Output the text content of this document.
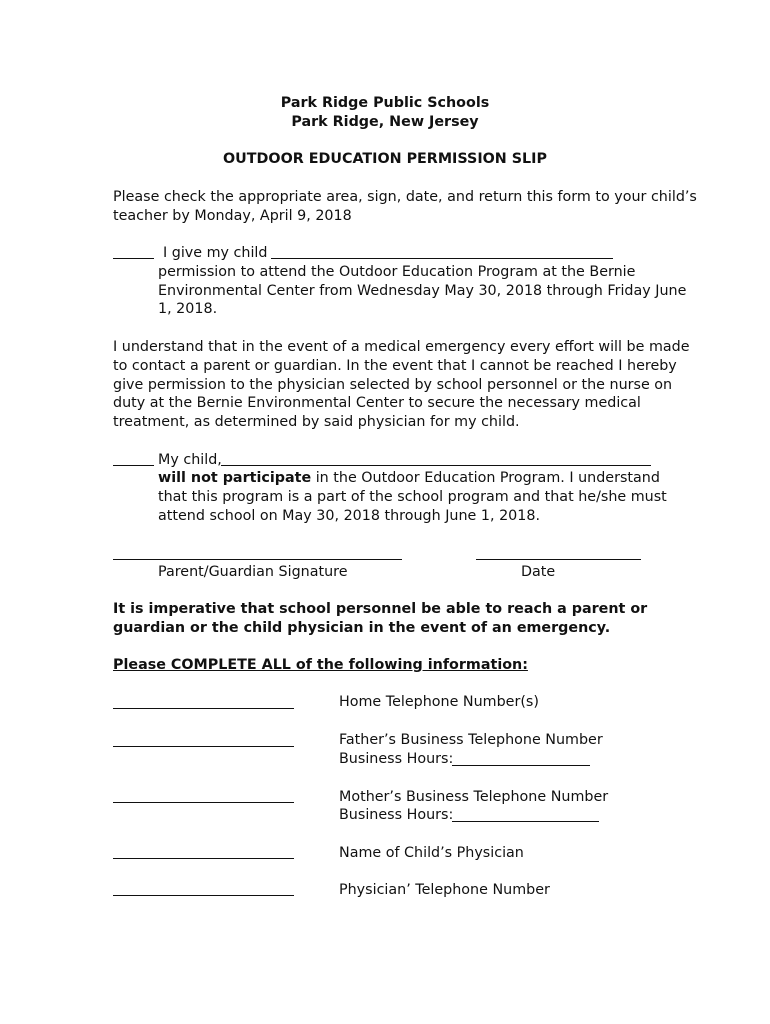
Park Ridge Public Schools
Park Ridge, New Jersey
OUTDOOR EDUCATION PERMISSION SLIP
Please check the appropriate area, sign, date, and return this form to your child’s
teacher by Monday, April 9, 2018
I give my child
permission to attend the Outdoor Education Program at the Bernie
Environmental Center from Wednesday May 30, 2018 through Friday June
1, 2018.
I understand that in the event of a medical emergency every effort will be made
to contact a parent or guardian. In the event that I cannot be reached I hereby
give permission to the physician selected by school personnel or the nurse on
duty at the Bernie Environmental Center to secure the necessary medical
treatment, as determined by said physician for my child.
My child,
will not participate in the Outdoor Education Program. I understand
that this program is a part of the school program and that he/she must
attend school on May 30, 2018 through June 1, 2018.
Parent/Guardian Signature	Date
It is imperative that school personnel be able to reach a parent or
guardian or the child physician in the event of an emergency.
Please COMPLETE ALL of the following information:
Home Telephone Number(s)
Father’s Business Telephone Number
Business Hours:
Mother’s Business Telephone Number
Business Hours:
Name of Child’s Physician
Physician’ Telephone Number
